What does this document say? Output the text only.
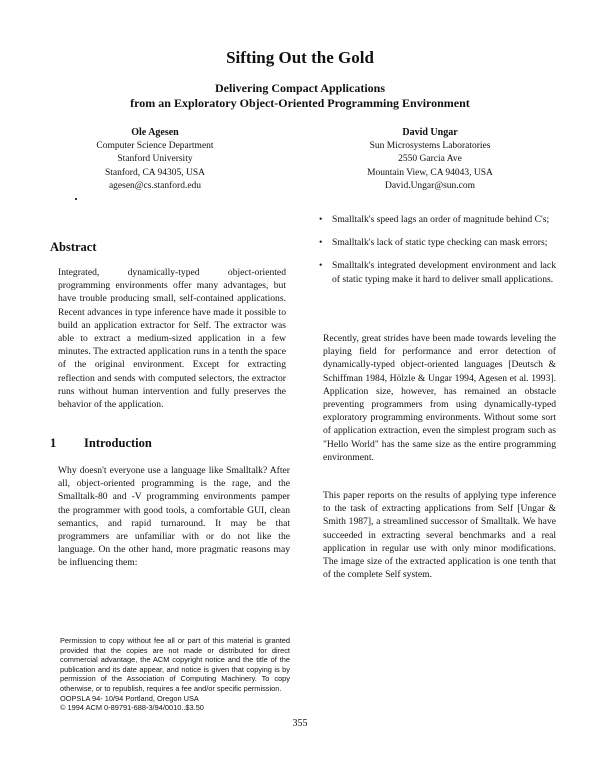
Sifting Out the Gold
Delivering Compact Applications
from an Exploratory Object-Oriented Programming Environment
Ole Agesen
Computer Science Department
Stanford University
Stanford, CA 94305, USA
agesen@cs.stanford.edu
David Ungar
Sun Microsystems Laboratories
2550 Garcia Ave
Mountain View, CA 94043, USA
David.Ungar@sun.com
Abstract
Integrated, dynamically-typed object-oriented programming environments offer many advantages, but have trouble producing small, self-contained applications. Recent advances in type inference have made it possible to build an application extractor for Self. The extractor was able to extract a medium-sized application in a few minutes. The extracted application runs in a tenth the space of the original environment. Except for extracting reflection and sends with computed selectors, the extractor runs without human intervention and fully preserves the behavior of the application.
1 Introduction
Why doesn't everyone use a language like Smalltalk? After all, object-oriented programming is the rage, and the Smalltalk-80 and -V programming environments pamper the programmer with good tools, a comfortable GUI, clean semantics, and rapid turnaround. It may be that programmers are unfamiliar with or do not like the language. On the other hand, more pragmatic reasons may be influencing them:
Permission to copy without fee all or part of this material is granted provided that the copies are not made or distributed for direct commercial advantage, the ACM copyright notice and the title of the publication and its date appear, and notice is given that copying is by permission of the Association of Computing Machinery. To copy otherwise, or to republish, requires a fee and/or specific permission.
OOPSLA 94- 10/94 Portland, Oregon USA
© 1994 ACM 0-89791-688-3/94/0010..$3.50
• Smalltalk's speed lags an order of magnitude behind C's;
• Smalltalk's lack of static type checking can mask errors;
• Smalltalk's integrated development environment and lack of static typing make it hard to deliver small applications.
Recently, great strides have been made towards leveling the playing field for performance and error detection of dynamically-typed object-oriented languages [Deutsch & Schiffman 1984, Hölzle & Ungar 1994, Agesen et al. 1993]. Application size, however, has remained an obstacle preventing programmers from using dynamically-typed exploratory programming environments. Without some sort of application extraction, even the simplest program such as "Hello World" has the same size as the entire programming environment.
This paper reports on the results of applying type inference to the task of extracting applications from Self [Ungar & Smith 1987], a streamlined successor of Smalltalk. We have succeeded in extracting several benchmarks and a real application in regular use with only minor modifications. The image size of the extracted application is one tenth that of the complete Self system.
355
